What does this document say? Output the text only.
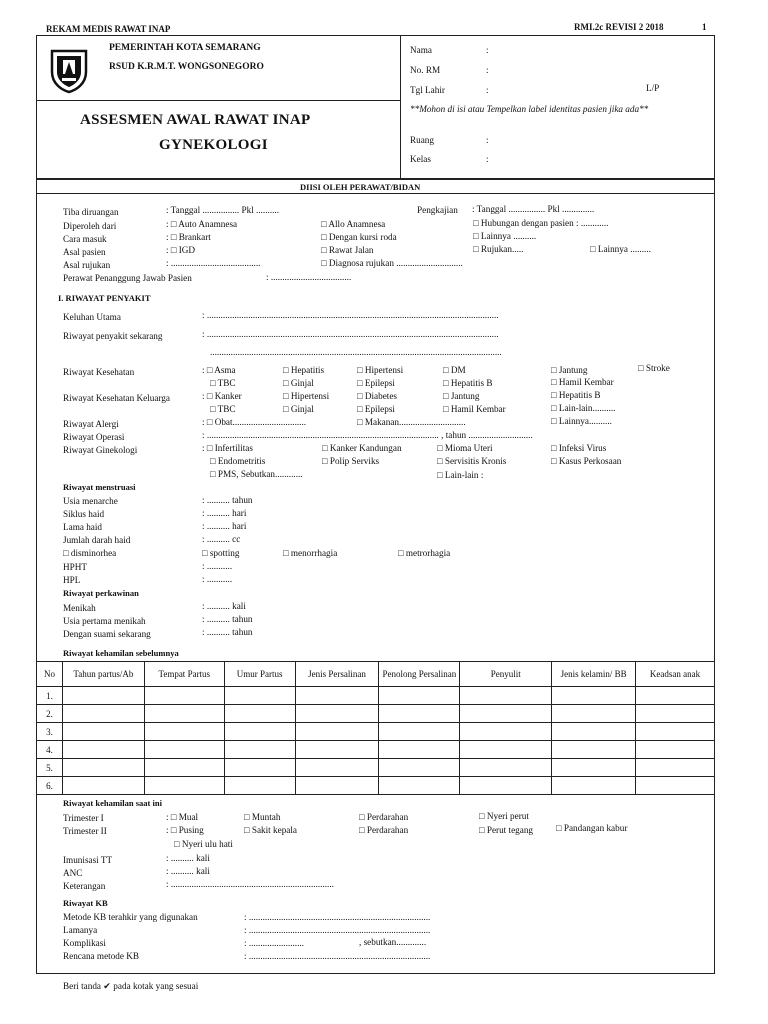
REKAM MEDIS RAWAT INAP	RMI.2c REVISI 2 2018	1
PEMERINTAH KOTA SEMARANG
RSUD K.R.M.T. WONGSONEGORO
ASSESMEN AWAL RAWAT INAP
GYNEKOLOGI
Nama	:
No. RM	:
Tgl Lahir	:	L/P
**Mohon di isi atau Tempelkan label identitas pasien jika ada**
Ruang	:
Kelas	:
DIISI OLEH PERAWAT/BIDAN
Tiba diruangan	: Tanggal ................ Pkl ..........	Pengkajian : Tanggal ................ Pkl ..............
Diperoleh dari	: □ Auto Anamnesa	□ Allo Anamnesa	□ Hubungan dengan pasien : ............
Cara masuk	: □ Brankart	□ Dengan kursi roda	□ Lainnya ..........
Asal pasien	: □ IGD	□ Rawat Jalan	□ Rujukan.....	□ Lainnya .........
Asal rujukan	: .......................................	□ Diagnosa rujukan .............................
Perawat Penanggung Jawab Pasien	: ...................................
I. RIWAYAT PENYAKIT
Keluhan Utama	: ...............................................................................................................................
Riwayat penyakit sekarang	: ...............................................................................................................................
...............................................................................................................................
Riwayat Kesehatan	: □ Asma	□ Hepatitis	□ Hipertensi	□ DM	□ Jantung	□ Stroke
□ TBC	□ Ginjal	□ Epilepsi	□ Hepatitis B	□ Hamil Kembar
Riwayat Kesehatan Keluarga	: □ Kanker	□ Hipertensi	□ Diabetes	□ Jantung	□ Hepatitis B
□ TBC	□ Ginjal	□ Epilepsi	□ Hamil Kembar	□ Lain-lain..........
Riwayat Alergi	: □ Obat................................	□ Makanan.............................	□ Lainnya..........
Riwayat Operasi	: ..................................................................................................... , tahun ............................
Riwayat Ginekologi	: □ Infertilitas	□ Kanker Kandungan	□ Mioma Uteri	□ Infeksi Virus
□ Endometritis	□ Polip Serviks	□ Servisitis Kronis	□ Kasus Perkosaan
□ PMS, Sebutkan............	□ Lain-lain :
Riwayat menstruasi
Usia menarche	: .......... tahun
Siklus haid	: .......... hari
Lama haid	: .......... hari
Jumlah darah haid	: .......... cc
□ disminorhea	□ spotting	□ menorrhagia	□ metrorhagia
HPHT	: ...........
HPL	: ...........
Riwayat perkawinan
Menikah	: .......... kali
Usia pertama menikah	: .......... tahun
Dengan suami sekarang	: .......... tahun
Riwayat kehamilan sebelumnya
No	Tahun partus/Ab	Tempat Partus	Umur Partus	Jenis Persalinan	Penolong Persalinan	Penyulit	Jenis kelamin/ BB	Keadsan anak
1.								
2.								
3.								
4.								
5.								
6.								
Riwayat kehamilan saat ini
Trimester I	: □ Mual	□ Muntah	□ Perdarahan	□ Nyeri perut
Trimester II	: □ Pusing	□ Sakit kepala	□ Perdarahan	□ Perut tegang □ Pandangan kabur
□ Nyeri ulu hati
Imunisasi TT	: .......... kali
ANC	: .......... kali
Keterangan	: .......................................................................
Riwayat KB
Metode KB terahkir yang digunakan	: ...............................................................................
Lamanya	: ...............................................................................
Komplikasi	: ........................	, sebutkan.............
Rencana metode KB	: ...............................................................................
Beri tanda ✔ pada kotak yang sesuai
